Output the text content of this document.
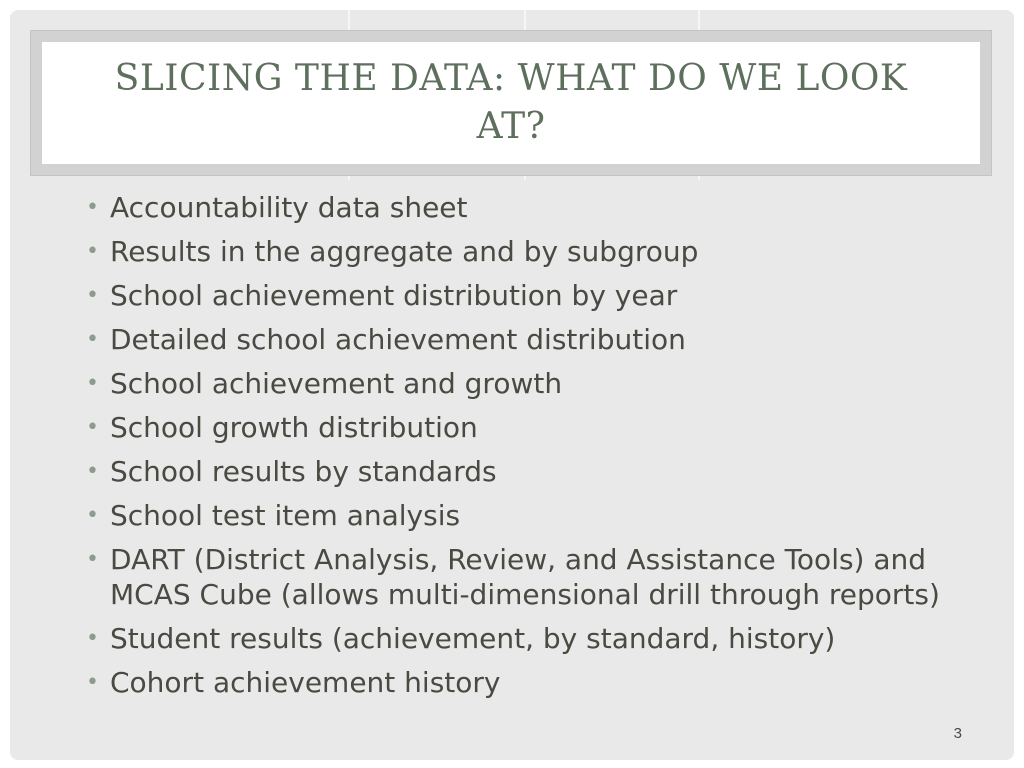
SLICING THE DATA: WHAT DO WE LOOK AT?
• Accountability data sheet
• Results in the aggregate and by subgroup
• School achievement distribution by year
• Detailed school achievement distribution
• School achievement and growth
• School growth distribution
• School results by standards
• School test item analysis
• DART (District Analysis, Review, and Assistance Tools) and MCAS Cube (allows multi-dimensional drill through reports)
• Student results (achievement, by standard, history)
• Cohort achievement history
3
